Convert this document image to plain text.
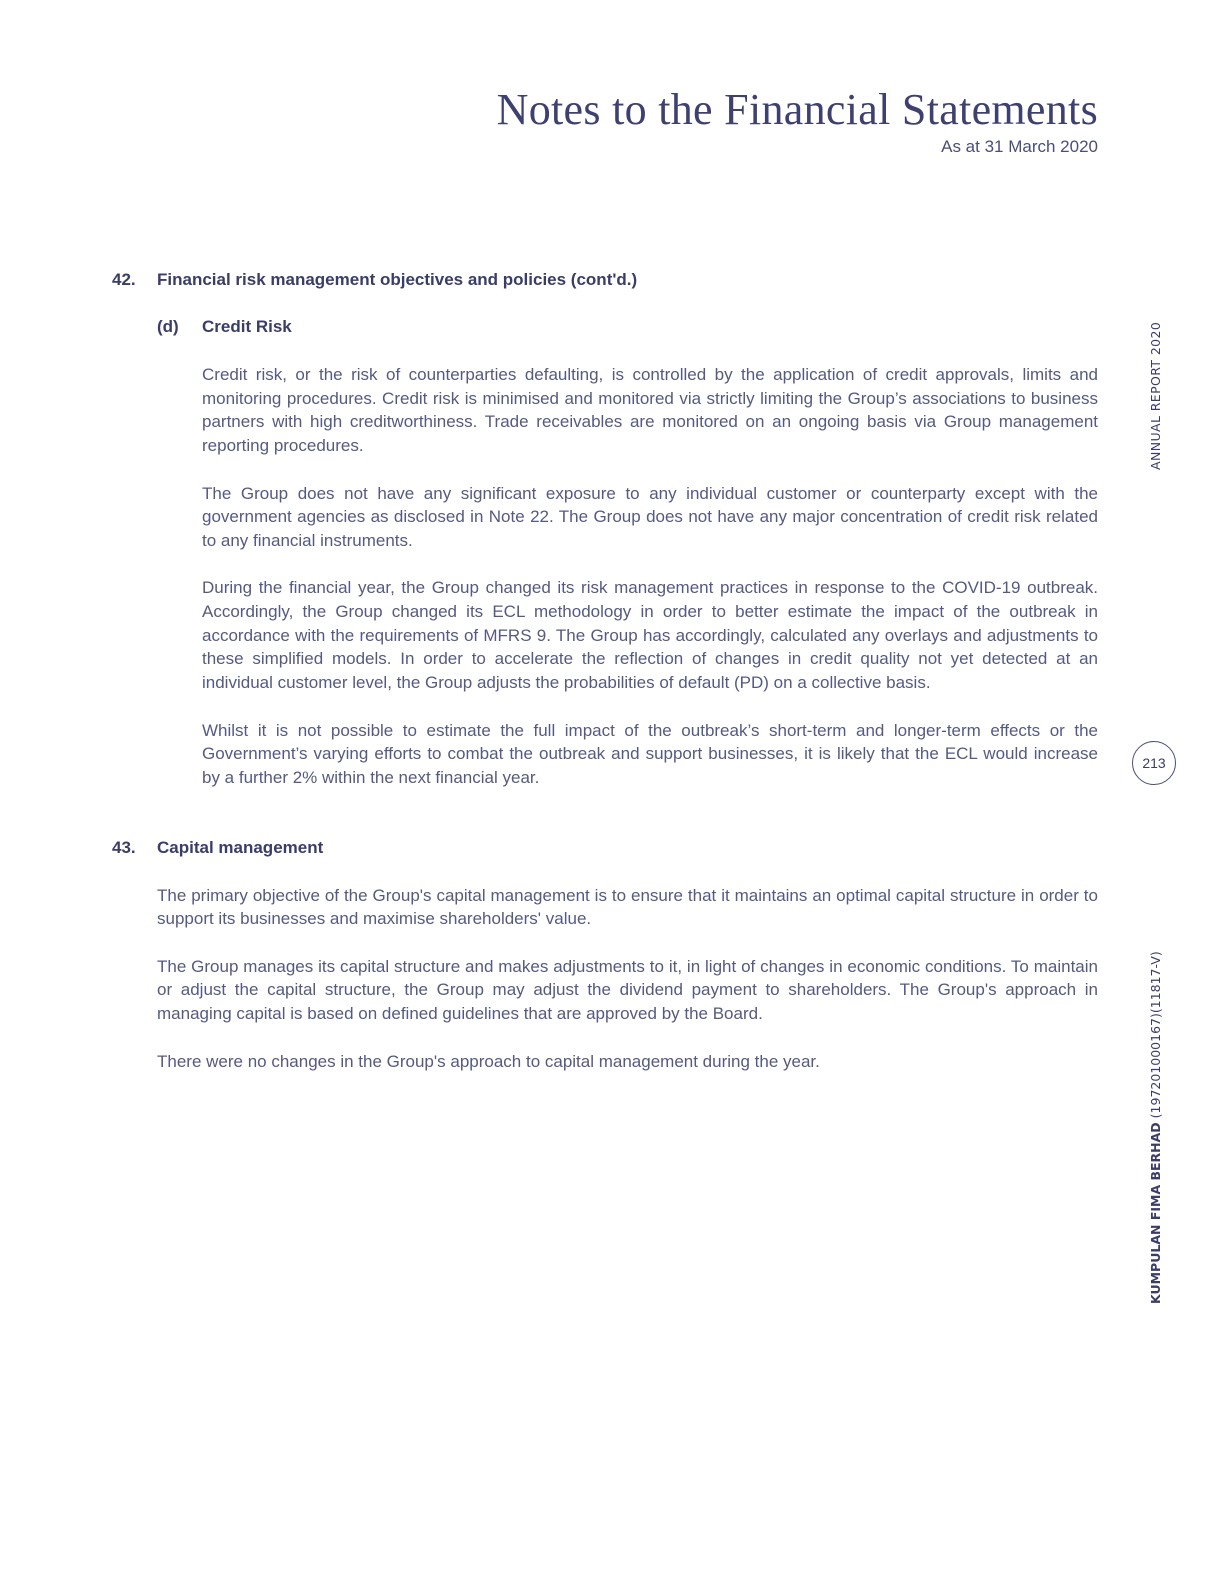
Notes to the Financial Statements
As at 31 March 2020
42.	Financial risk management objectives and policies (cont'd.)
(d)	Credit Risk

Credit risk, or the risk of counterparties defaulting, is controlled by the application of credit approvals, limits and monitoring procedures. Credit risk is minimised and monitored via strictly limiting the Group’s associations to business partners with high creditworthiness. Trade receivables are monitored on an ongoing basis via Group management reporting procedures.

The Group does not have any significant exposure to any individual customer or counterparty except with the government agencies as disclosed in Note 22. The Group does not have any major concentration of credit risk related to any financial instruments.

During the financial year, the Group changed its risk management practices in response to the COVID-19 outbreak. Accordingly, the Group changed its ECL methodology in order to better estimate the impact of the outbreak in accordance with the requirements of MFRS 9. The Group has accordingly, calculated any overlays and adjustments to these simplified models. In order to accelerate the reflection of changes in credit quality not yet detected at an individual customer level, the Group adjusts the probabilities of default (PD) on a collective basis.

Whilst it is not possible to estimate the full impact of the outbreak’s short-term and longer-term effects or the Government’s varying efforts to combat the outbreak and support businesses, it is likely that the ECL would increase by a further 2% within the next financial year.

43.	Capital management

The primary objective of the Group's capital management is to ensure that it maintains an optimal capital structure in order to support its businesses and maximise shareholders' value.

The Group manages its capital structure and makes adjustments to it, in light of changes in economic conditions. To maintain or adjust the capital structure, the Group may adjust the dividend payment to shareholders. The Group's approach in managing capital is based on defined guidelines that are approved by the Board.

There were no changes in the Group's approach to capital management during the year.

ANNUAL REPORT 2020
213
KUMPULAN FIMA BERHAD (197201000167)(11817-V)
